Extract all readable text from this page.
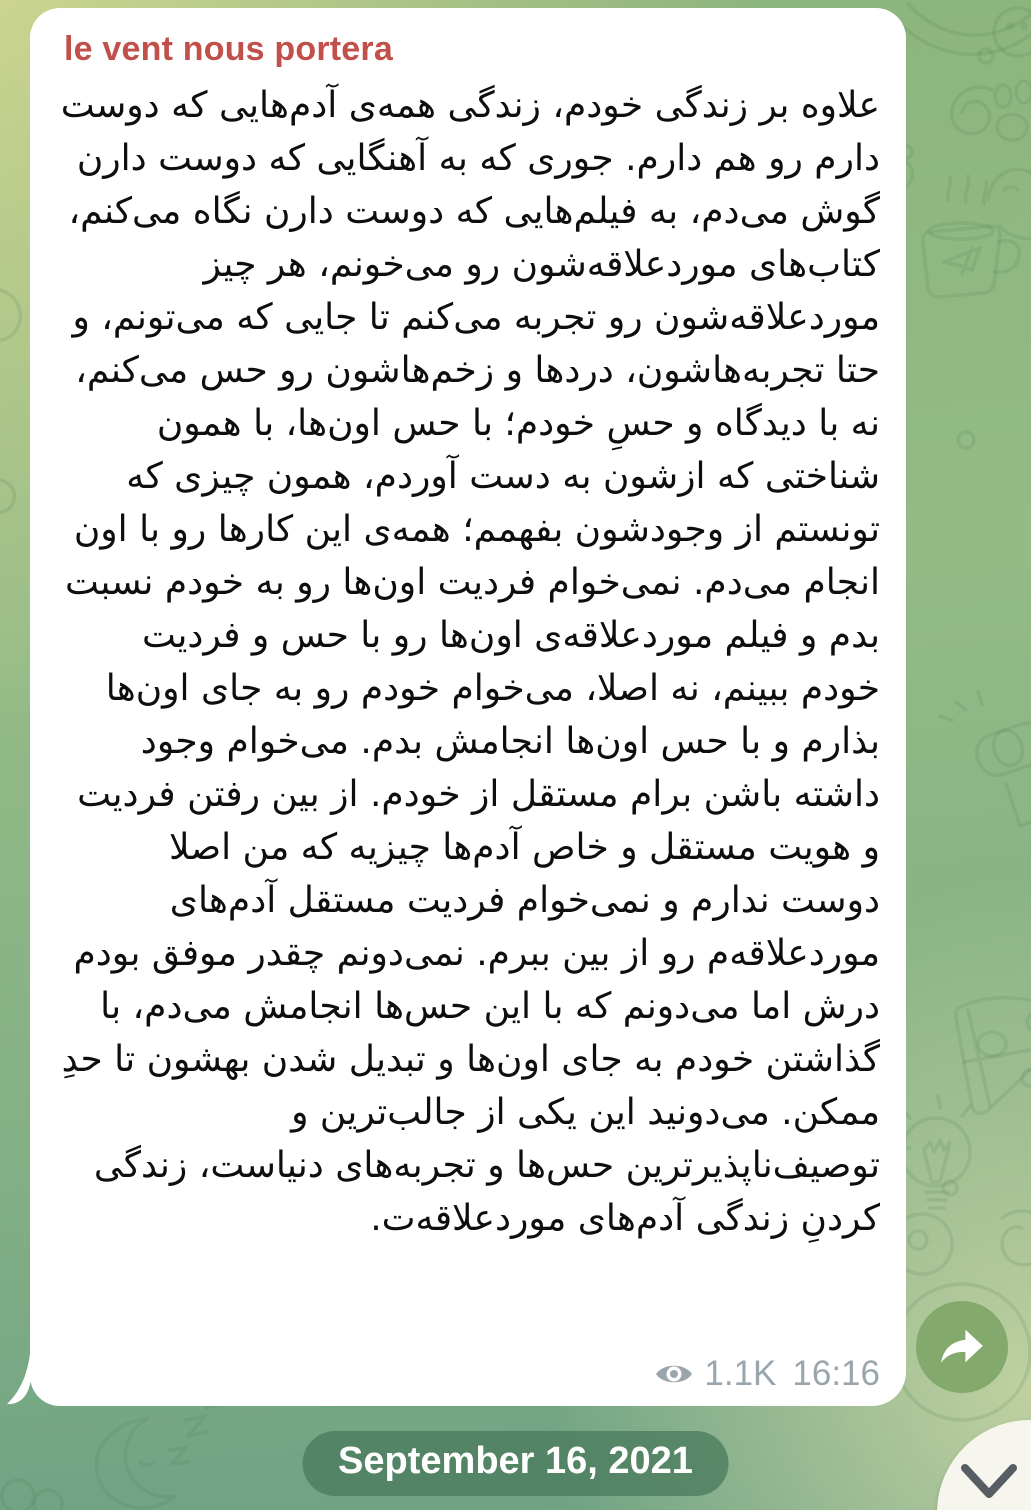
le vent nous portera
علاوه بر زندگی خودم، زندگی همه‌ی آدم‌هایی که دوست دارم رو هم دارم. جوری که به آهنگایی که دوست دارن گوش می‌دم، به فیلم‌هایی که دوست دارن نگاه می‌کنم، کتاب‌های موردعلاقه‌شون رو می‌خونم، هر چیز موردعلاقه‌شون رو تجربه می‌کنم تا جایی که می‌تونم، و حتا تجربه‌هاشون، دردها و زخم‌هاشون رو حس می‌کنم، نه با دیدگاه و حسِ خودم؛ با حس اون‌ها، با همون شناختی که ازشون به دست آوردم، همون چیزی که تونستم از وجودشون بفهمم؛ همه‌ی این کارها رو با اون انجام می‌دم. نمی‌خوام فردیت اون‌ها رو به خودم نسبت بدم و فیلم موردعلاقه‌ی اون‌ها رو با حس و فردیت خودم ببینم، نه اصلا، می‌خوام خودم رو به جای اون‌ها بذارم و با حس اون‌ها انجامش بدم. می‌خوام وجود داشته باشن برام مستقل از خودم. از بین رفتن فردیت و هویت مستقل و خاص آدم‌ها چیزیه که من اصلا دوست ندارم و نمی‌خوام فردیت مستقل آدم‌های موردعلاقه‌م رو از بین ببرم. نمی‌دونم چقدر موفق بودم درش اما می‌دونم که با این حس‌ها انجامش می‌دم، با گذاشتن خودم به جای اون‌ها و تبدیل شدن بهشون تا حدِ ممکن. می‌دونید این یکی از جالب‌ترین و توصیف‌ناپذیرترین حس‌ها و تجربه‌های دنیاست، زندگی کردنِ زندگی آدم‌های موردعلاقه‌ت.
1.1K 16:16
September 16, 2021
